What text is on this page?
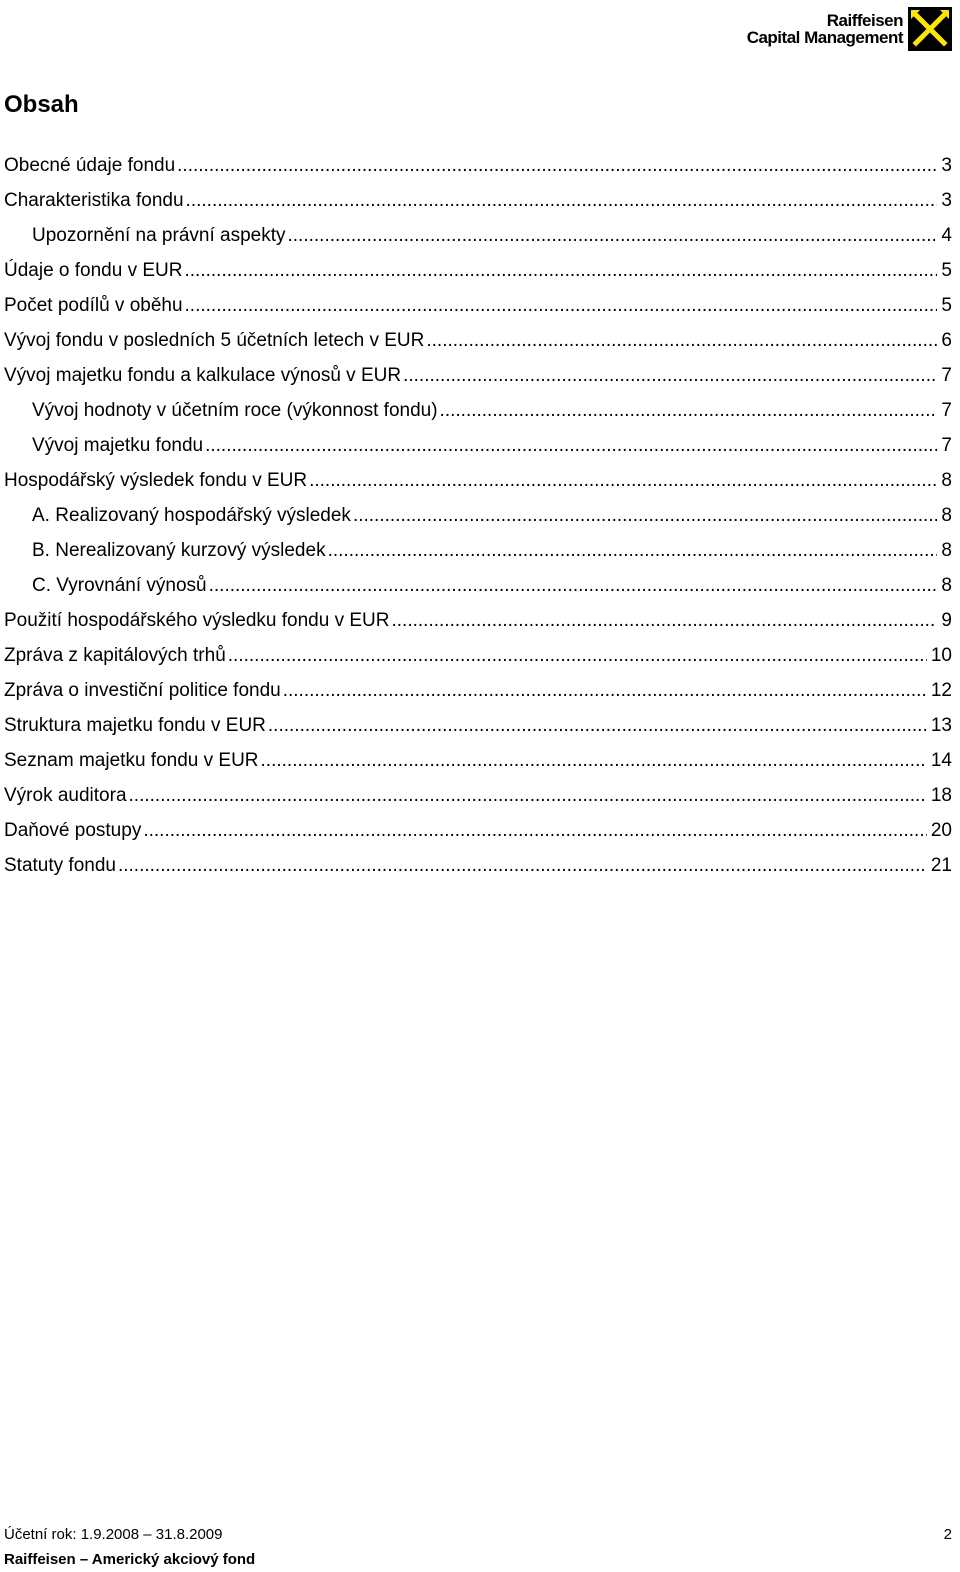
Raiffeisen
Capital Management
Obsah
Obecné údaje fondu .....	3
Charakteristika fondu .....	3
Upozornění na právní aspekty .....	4
Údaje o fondu v EUR .....	5
Počet podílů v oběhu .....	5
Vývoj fondu v posledních 5 účetních letech v EUR .....	6
Vývoj majetku fondu a kalkulace výnosů v EUR .....	7
Vývoj hodnoty v účetním roce (výkonnost fondu) .....	7
Vývoj majetku fondu .....	7
Hospodářský výsledek fondu v EUR .....	8
A. Realizovaný hospodářský výsledek .....	8
B. Nerealizovaný kurzový výsledek .....	8
C. Vyrovnání výnosů .....	8
Použití hospodářského výsledku fondu v EUR .....	9
Zpráva z kapitálových trhů .....	10
Zpráva o investiční politice fondu .....	12
Struktura majetku fondu v EUR .....	13
Seznam majetku fondu v EUR .....	14
Výrok auditora .....	18
Daňové postupy .....	20
Statuty fondu .....	21
Účetní rok: 1.9.2008 – 31.8.2009	2
Raiffeisen – Americký akciový fond
